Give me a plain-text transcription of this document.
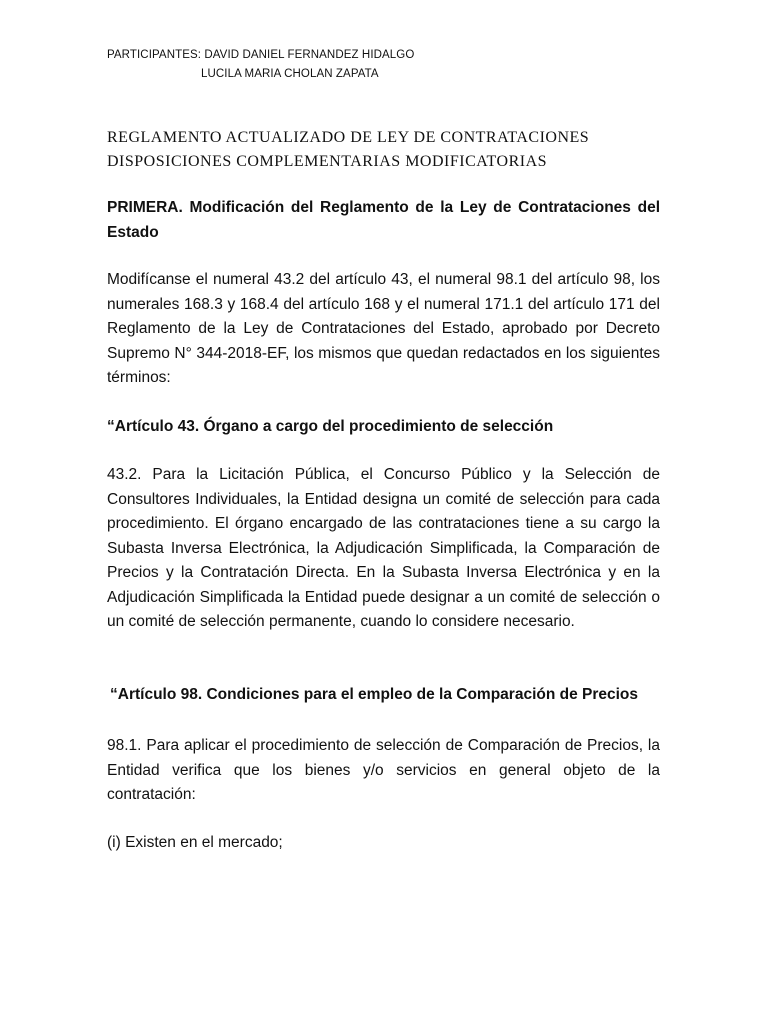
PARTICIPANTES: DAVID DANIEL FERNANDEZ HIDALGO
LUCILA MARIA CHOLAN ZAPATA
REGLAMENTO ACTUALIZADO DE LEY DE CONTRATACIONES
DISPOSICIONES COMPLEMENTARIAS MODIFICATORIAS
PRIMERA. Modificación del Reglamento de la Ley de Contrataciones del Estado
Modifícanse el numeral 43.2 del artículo 43, el numeral 98.1 del artículo 98, los numerales 168.3 y 168.4 del artículo 168 y el numeral 171.1 del artículo 171 del Reglamento de la Ley de Contrataciones del Estado, aprobado por Decreto Supremo N° 344-2018-EF, los mismos que quedan redactados en los siguientes términos:
“Artículo 43. Órgano a cargo del procedimiento de selección
43.2. Para la Licitación Pública, el Concurso Público y la Selección de Consultores Individuales, la Entidad designa un comité de selección para cada procedimiento. El órgano encargado de las contrataciones tiene a su cargo la Subasta Inversa Electrónica, la Adjudicación Simplificada, la Comparación de Precios y la Contratación Directa. En la Subasta Inversa Electrónica y en la Adjudicación Simplificada la Entidad puede designar a un comité de selección o un comité de selección permanente, cuando lo considere necesario.
“Artículo 98. Condiciones para el empleo de la Comparación de Precios
98.1. Para aplicar el procedimiento de selección de Comparación de Precios, la Entidad verifica que los bienes y/o servicios en general objeto de la contratación:
(i) Existen en el mercado;
